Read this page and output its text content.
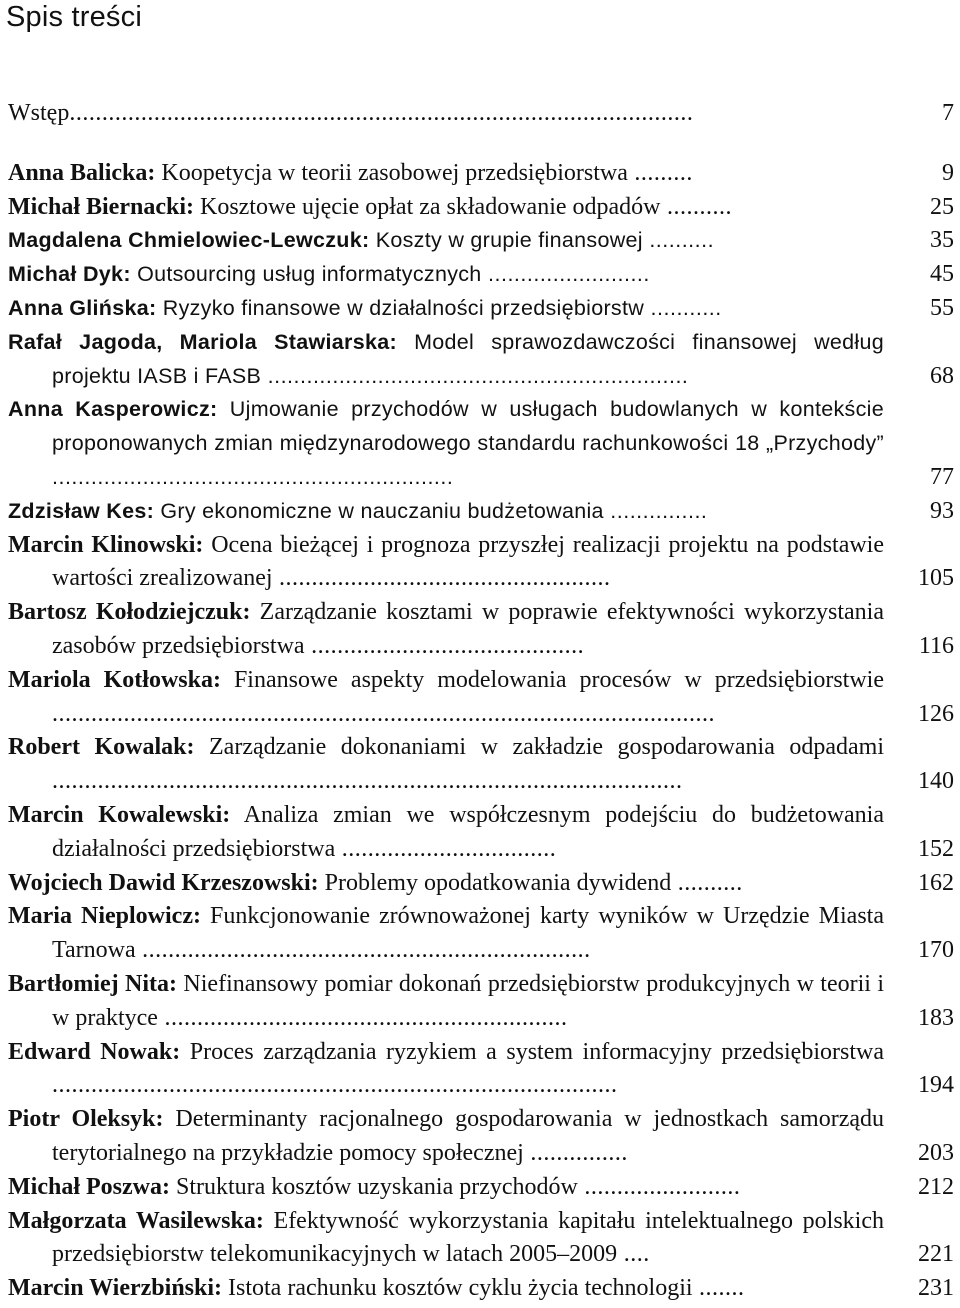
Spis treści
Wstęp................................................................................................	7
Anna Balicka: Koopetycja w teorii zasobowej przedsiębiorstwa .........	9
Michał Biernacki: Kosztowe ujęcie opłat za składowanie odpadów ..........	25
Magdalena Chmielowiec-Lewczuk: Koszty w grupie finansowej ..........	35
Michał Dyk: Outsourcing usług informatycznych .........................	45
Anna Glińska: Ryzyko finansowe w działalności przedsiębiorstw ...........	55
Rafał Jagoda, Mariola Stawiarska: Model sprawozdawczości finansowej według projektu IASB i FASB .................................................................	68
Anna Kasperowicz: Ujmowanie przychodów w usługach budowlanych w kontekście proponowanych zmian międzynarodowego standardu rachunkowości 18 „Przychody” ..............................................................	77
Zdzisław Kes: Gry ekonomiczne w nauczaniu budżetowania ...............	93
Marcin Klinowski: Ocena bieżącej i prognoza przyszłej realizacji projektu na podstawie wartości zrealizowanej ...................................................	105
Bartosz Kołodziejczuk: Zarządzanie kosztami w poprawie efektywności wykorzystania zasobów przedsiębiorstwa ..........................................	116
Mariola Kotłowska: Finansowe aspekty modelowania procesów w przedsiębiorstwie ......................................................................................................	126
Robert Kowalak: Zarządzanie dokonaniami w zakładzie gospodarowania odpadami .................................................................................................	140
Marcin Kowalewski: Analiza zmian we współczesnym podejściu do budżetowania działalności przedsiębiorstwa .................................	152
Wojciech Dawid Krzeszowski: Problemy opodatkowania dywidend ..........	162
Maria Nieplowicz: Funkcjonowanie zrównoważonej karty wyników w Urzędzie Miasta Tarnowa .....................................................................	170
Bartłomiej Nita: Niefinansowy pomiar dokonań przedsiębiorstw produkcyjnych w teorii i w praktyce ..............................................................	183
Edward Nowak: Proces zarządzania ryzykiem a system informacyjny przedsiębiorstwa .......................................................................................	194
Piotr Oleksyk: Determinanty racjonalnego gospodarowania w jednostkach samorządu terytorialnego na przykładzie pomocy społecznej ...............	203
Michał Poszwa: Struktura kosztów uzyskania przychodów ........................	212
Małgorzata Wasilewska: Efektywność wykorzystania kapitału intelektualnego polskich przedsiębiorstw telekomunikacyjnych w latach 2005–2009 ....	221
Marcin Wierzbiński: Istota rachunku kosztów cyklu życia technologii .......	231
